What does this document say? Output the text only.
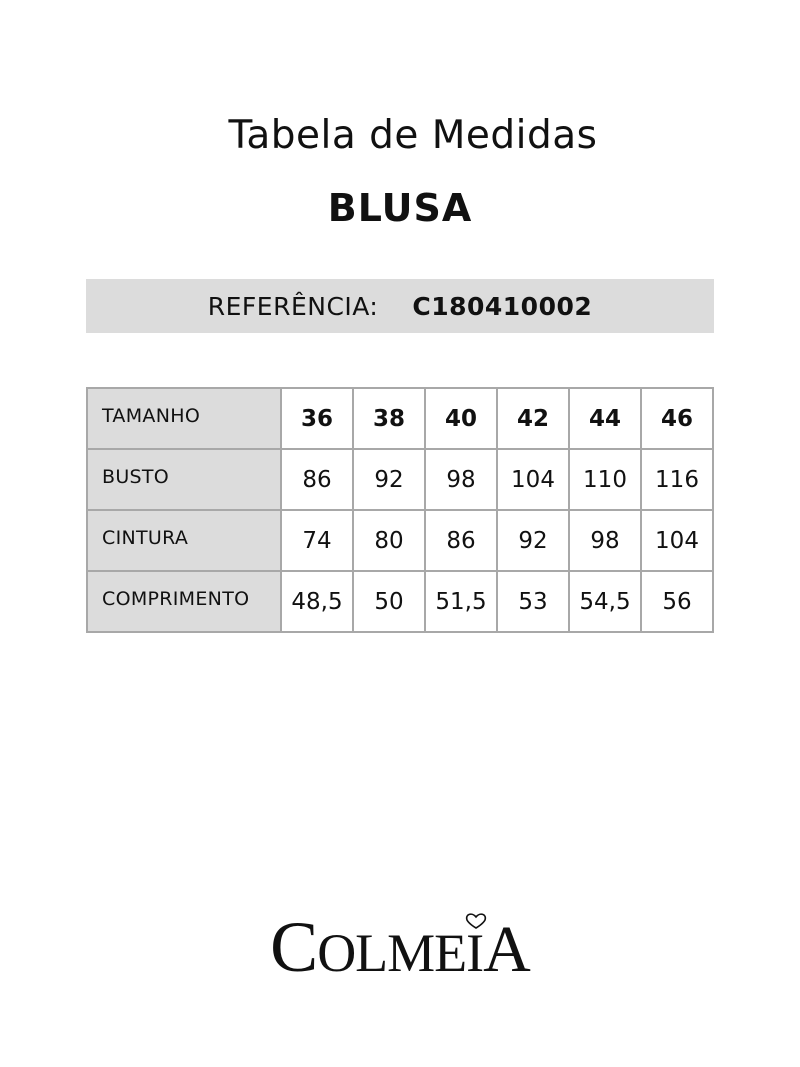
Tabela de Medidas
BLUSA
REFERÊNCIA: C180410002
TAMANHO	36	38	40	42	44	46
BUSTO	86	92	98	104	110	116
CINTURA	74	80	86	92	98	104
COMPRIMENTO	48,5	50	51,5	53	54,5	56
COLMEIA
